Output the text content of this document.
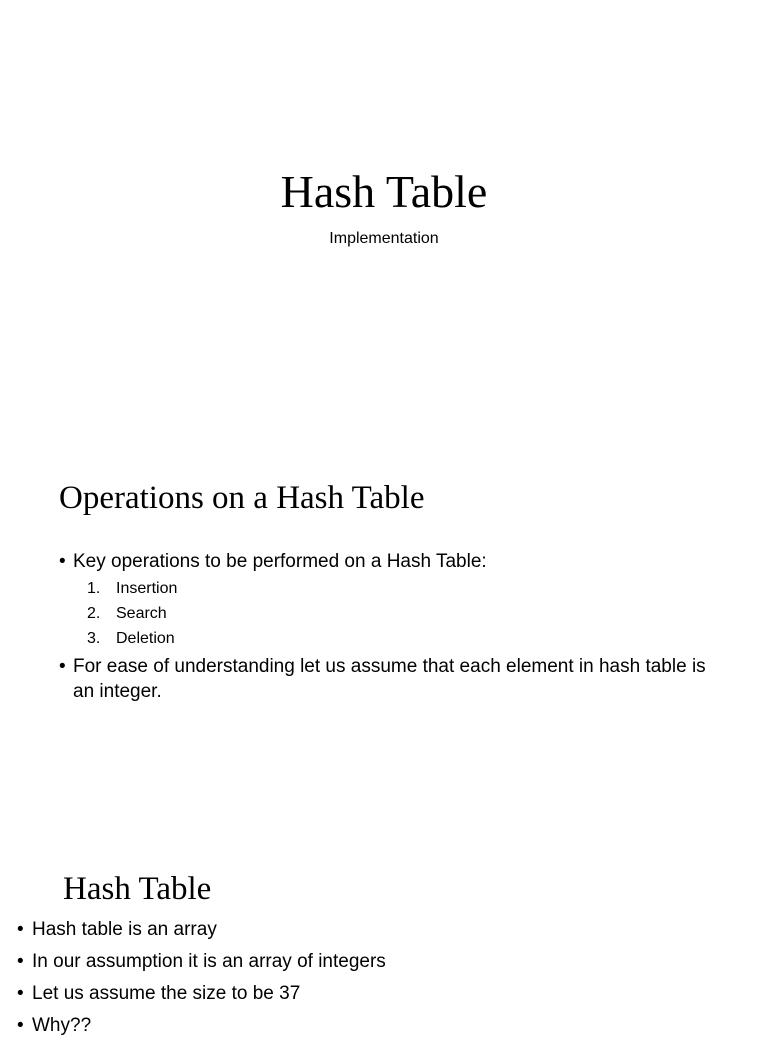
Hash Table
Implementation
Operations on a Hash Table
• Key operations to be performed on a Hash Table:
1. Insertion
2. Search
3. Deletion
• For ease of understanding let us assume that each element in hash table is an integer.
Hash Table
• Hash table is an array
• In our assumption it is an array of integers
• Let us assume the size to be 37
• Why??
